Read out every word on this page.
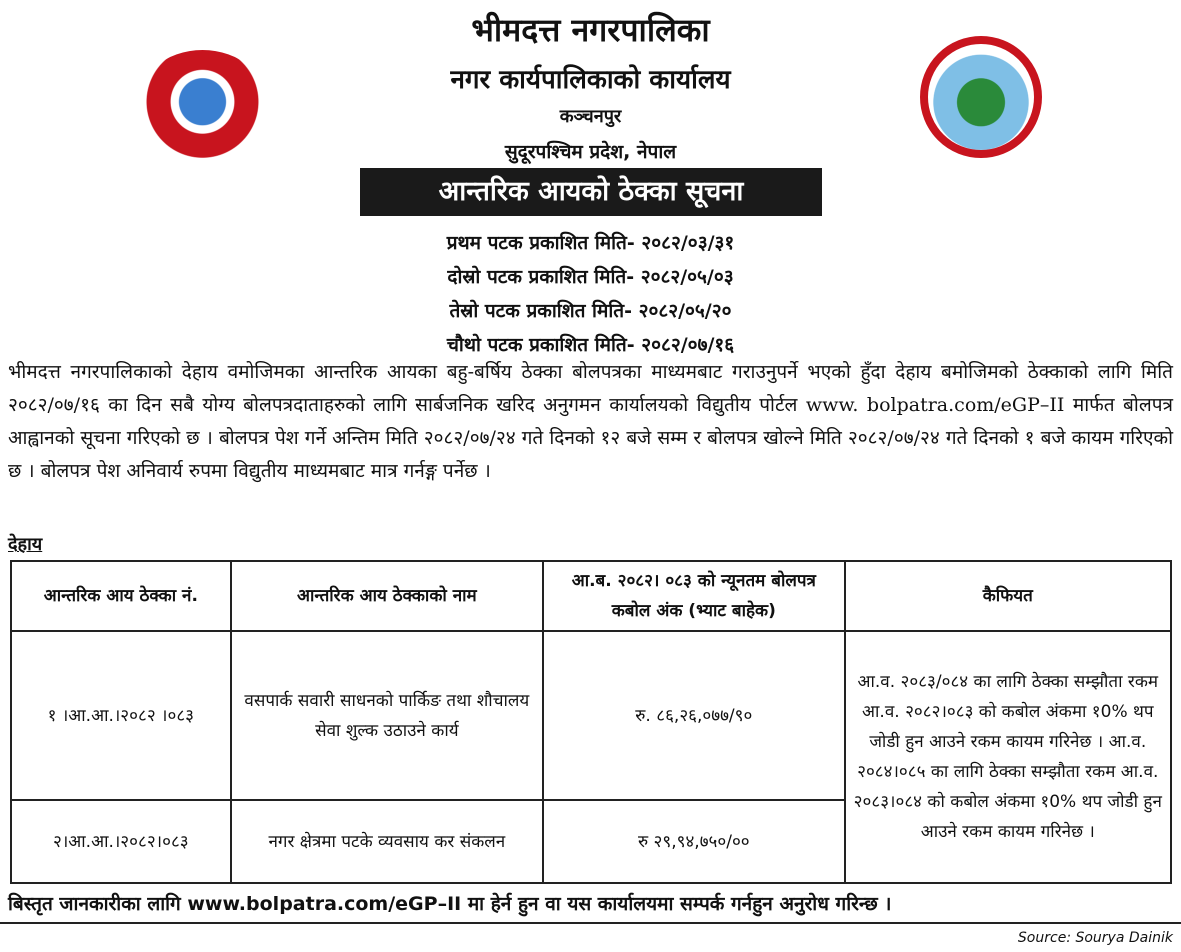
भीमदत्त नगरपालिका
नगर कार्यपालिकाको कार्यालय
कञ्चनपुर
सुदूरपश्चिम प्रदेश, नेपाल
आन्तरिक आयको ठेक्का सूचना
प्रथम पटक प्रकाशित मिति- २०८२/०३/३१
दोस्रो पटक प्रकाशित मिति- २०८२/०५/०३
तेस्रो पटक प्रकाशित मिति- २०८२/०५/२०
चौथो पटक प्रकाशित मिति- २०८२/०७/१६

भीमदत्त नगरपालिकाको देहाय वमोजिमका आन्तरिक आयका बहु-बर्षिय ठेक्का बोलपत्रका माध्यमबाट गराउनुपर्ने भएको हुँदा देहाय बमोजिमको ठेक्काको लागि मिति २०८२/०७/१६ का दिन सबै योग्य बोलपत्रदाताहरुको लागि सार्बजनिक खरिद अनुगमन कार्यालयको विद्युतीय पोर्टल www. bolpatra.com/eGP–II मार्फत बोलपत्र आह्वानको सूचना गरिएको छ । बोलपत्र पेश गर्ने अन्तिम मिति २०८२/०७/२४ गते दिनको १२ बजे सम्म र बोलपत्र खोल्ने मिति २०८२/०७/२४ गते दिनको १ बजे कायम गरिएको छ । बोलपत्र पेश अनिवार्य रुपमा विद्युतीय माध्यमबाट मात्र गर्नङ्ग पर्नेछ ।

देहाय
आन्तरिक आय ठेक्का नं.	आन्तरिक आय ठेक्काको नाम	आ.ब. २०८२। ०८३ को न्यूनतम बोलपत्र कबोल अंक (भ्याट बाहेक)	कैफियत
१ ।आ.आ.।२०८२ ।०८३	वसपार्क सवारी साधनको पार्किङ तथा शौचालय सेवा शुल्क उठाउने कार्य	रु. ८६,२६,०७७/९०	आ.व. २०८३/०८४ का लागि ठेक्का सम्झौता रकम आ.व. २०८२।०८३ को कबोल अंकमा १0% थप जोडी हुन आउने रकम कायम गरिनेछ । आ.व. २०८४।०८५ का लागि ठेक्का सम्झौता रकम आ.व. २०८३।०८४ को कबोल अंकमा १0% थप जोडी हुन आउने रकम कायम गरिनेछ ।
२।आ.आ.।२०८२।०८३	नगर क्षेत्रमा पटके व्यवसाय कर संकलन	रु २९,९४,७५०/००	
बिस्तृत जानकारीका लागि www.bolpatra.com/eGP–II मा हेर्न हुन वा यस कार्यालयमा सम्पर्क गर्नहुन अनुरोध गरिन्छ ।
Source: Sourya Dainik
